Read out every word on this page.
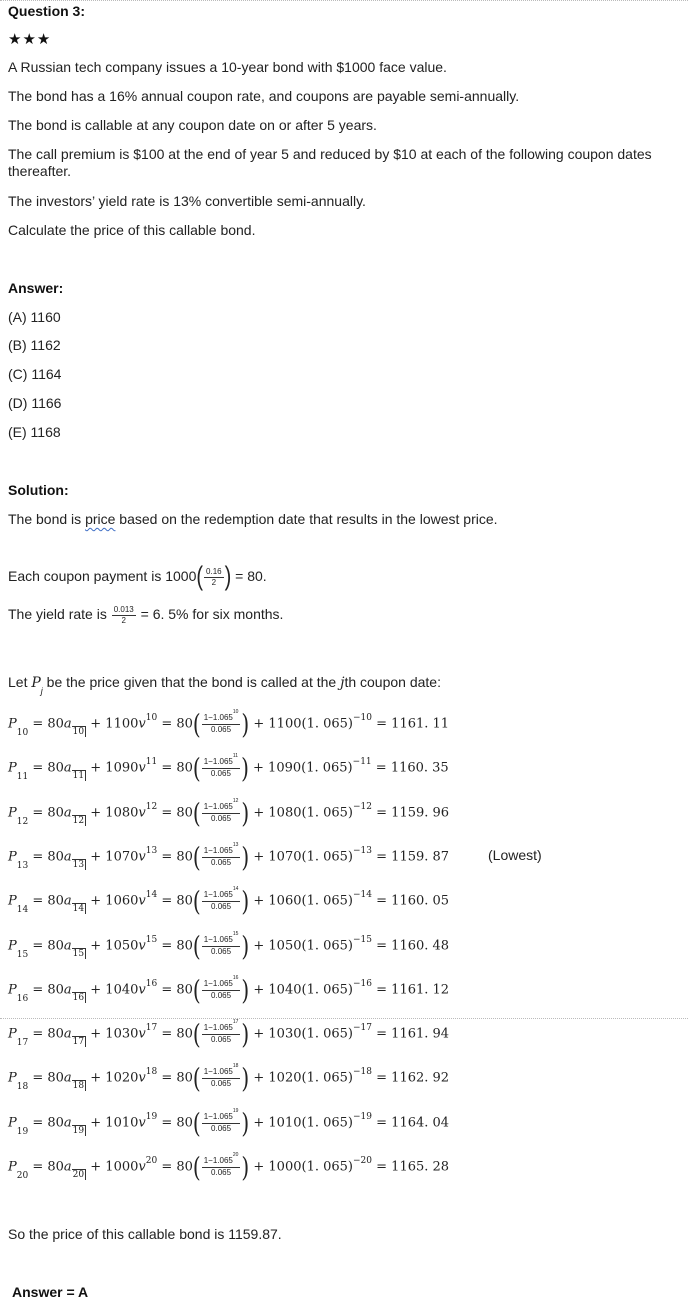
Question 3:
★★★
A Russian tech company issues a 10-year bond with $1000 face value.
The bond has a 16% annual coupon rate, and coupons are payable semi-annually.
The bond is callable at any coupon date on or after 5 years.
The call premium is $100 at the end of year 5 and reduced by $10 at each of the following coupon dates
thereafter.
The investors’ yield rate is 13% convertible semi-annually.
Calculate the price of this callable bond.
Answer:
(A) 1160
(B) 1162
(C) 1164
(D) 1166
(E) 1168
Solution:
The bond is price based on the redemption date that results in the lowest price.
Each coupon payment is $1000( \frac{0.16}{2}$ ) = 80.
The yield rate is $\frac{0.013}{2} = 6$. 5% for six months.
Let $P_j$ be the price given that the bond is called at the jth coupon date:
$P_{10} = 80a_{10} + 1100v^{10} = 80( \frac{1-1.065^{10}}{0.065}$ ) + 1100(1. 065)$^{-10}$ = 1161. 11
$P_{11} = 80a_{11} + 1090v^{11} = 80( \frac{1-1.065^{11}}{0.065}$ ) + 1090(1. 065)$^{-11}$ = 1160. 35
$P_{12} = 80a_{12} + 1080v^{12} = 80( \frac{1-1.065^{12}}{0.065}$ ) + 1080(1. 065)$^{-12}$ = 1159. 96
$P_{13} = 80a_{13} + 1070v^{13} = 80( \frac{1-1.065^{13}}{0.065}$ ) + 1070(1. 065)$^{-13}$ = 1159. 87	(Lowest)
$P_{14} = 80a_{14} + 1060v^{14} = 80( \frac{1-1.065^{14}}{0.065}$ ) + 1060(1. 065)$^{-14}$ = 1160. 05
$P_{15} = 80a_{15} + 1050v^{15} = 80( \frac{1-1.065^{15}}{0.065}$ ) + 1050(1. 065)$^{-15}$ = 1160. 48
$P_{16} = 80a_{16} + 1040v^{16} = 80( \frac{1-1.065^{16}}{0.065}$ ) + 1040(1. 065)$^{-16}$ = 1161. 12
$P_{17} = 80a_{17} + 1030v^{17} = 80( \frac{1-1.065^{17}}{0.065}$ ) + 1030(1. 065)$^{-17}$ = 1161. 94
$P_{18} = 80a_{18} + 1020v^{18} = 80( \frac{1-1.065^{18}}{0.065}$ ) + 1020(1. 065)$^{-18}$ = 1162. 92
$P_{19} = 80a_{19} + 1010v^{19} = 80( \frac{1-1.065^{19}}{0.065}$ ) + 1010(1. 065)$^{-19}$ = 1164. 04
$P_{20} = 80a_{20} + 1000v^{20} = 80( \frac{1-1.065^{20}}{0.065}$ ) + 1000(1. 065)$^{-20}$ = 1165. 28
So the price of this callable bond is 1159.87.
Answer = A
